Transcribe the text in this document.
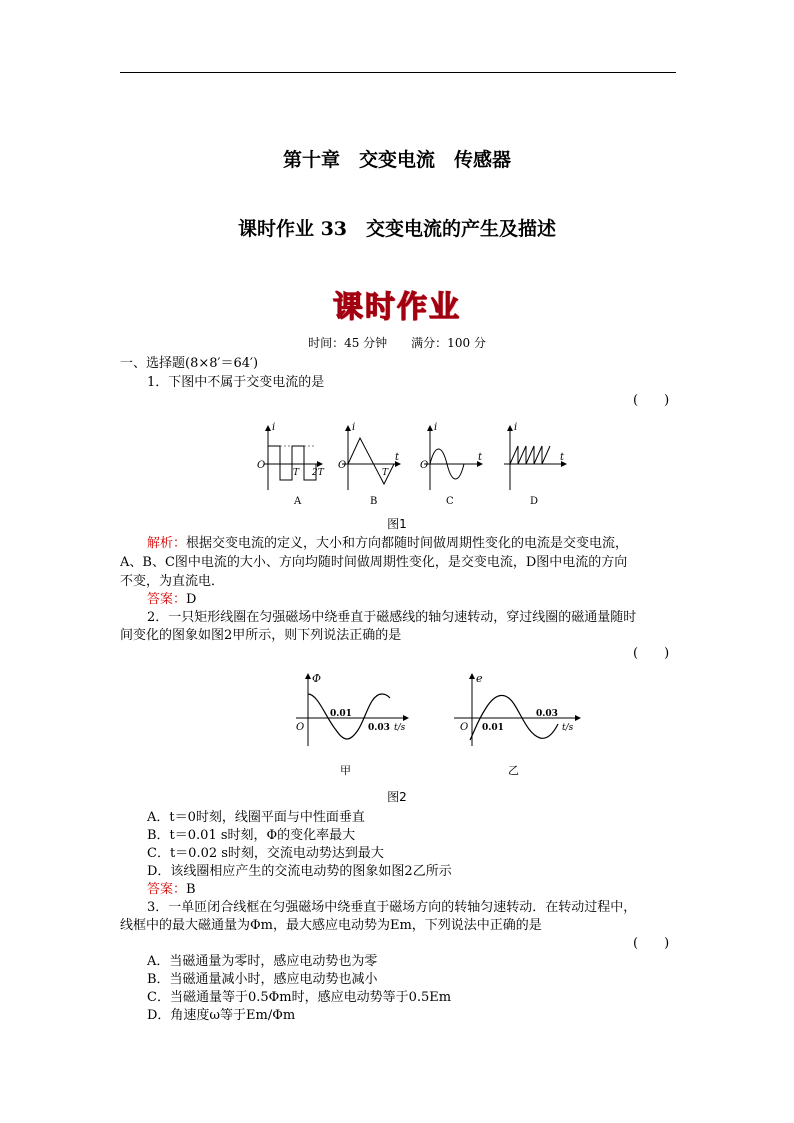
第十章　交变电流　传感器
课时作业 33　交变电流的产生及描述
课时作业
时间：45 分钟　　满分：100 分
一、选择题(8×8′＝64′)
1．下图中不属于交变电流的是
(　　)
i
O
T 2T
A
i
O
t
T
B
i
O
t
C
i
t
D
图1
解析：根据交变电流的定义，大小和方向都随时间做周期性变化的电流是交变电流，
A、B、C图中电流的大小、方向均随时间做周期性变化，是交变电流，D图中电流的方向
不变，为直流电．
答案：D
2．一只矩形线圈在匀强磁场中绕垂直于磁感线的轴匀速转动，穿过线圈的磁通量随时
间变化的图象如图2甲所示，则下列说法正确的是
(　　)
Φ
O
0.01
0.03 t/s
甲
e
O 0.01
0.03
t/s
乙
图2
A．t＝0时刻，线圈平面与中性面垂直
B．t＝0.01 s时刻，Φ的变化率最大
C．t＝0.02 s时刻，交流电动势达到最大
D．该线圈相应产生的交流电动势的图象如图2乙所示
答案：B
3．一单匝闭合线框在匀强磁场中绕垂直于磁场方向的转轴匀速转动．在转动过程中，
线框中的最大磁通量为Φm，最大感应电动势为Em，下列说法中正确的是
(　　)
A．当磁通量为零时，感应电动势也为零
B．当磁通量减小时，感应电动势也减小
C．当磁通量等于0.5Φm时，感应电动势等于0.5Em
D．角速度ω等于Em/Φm
